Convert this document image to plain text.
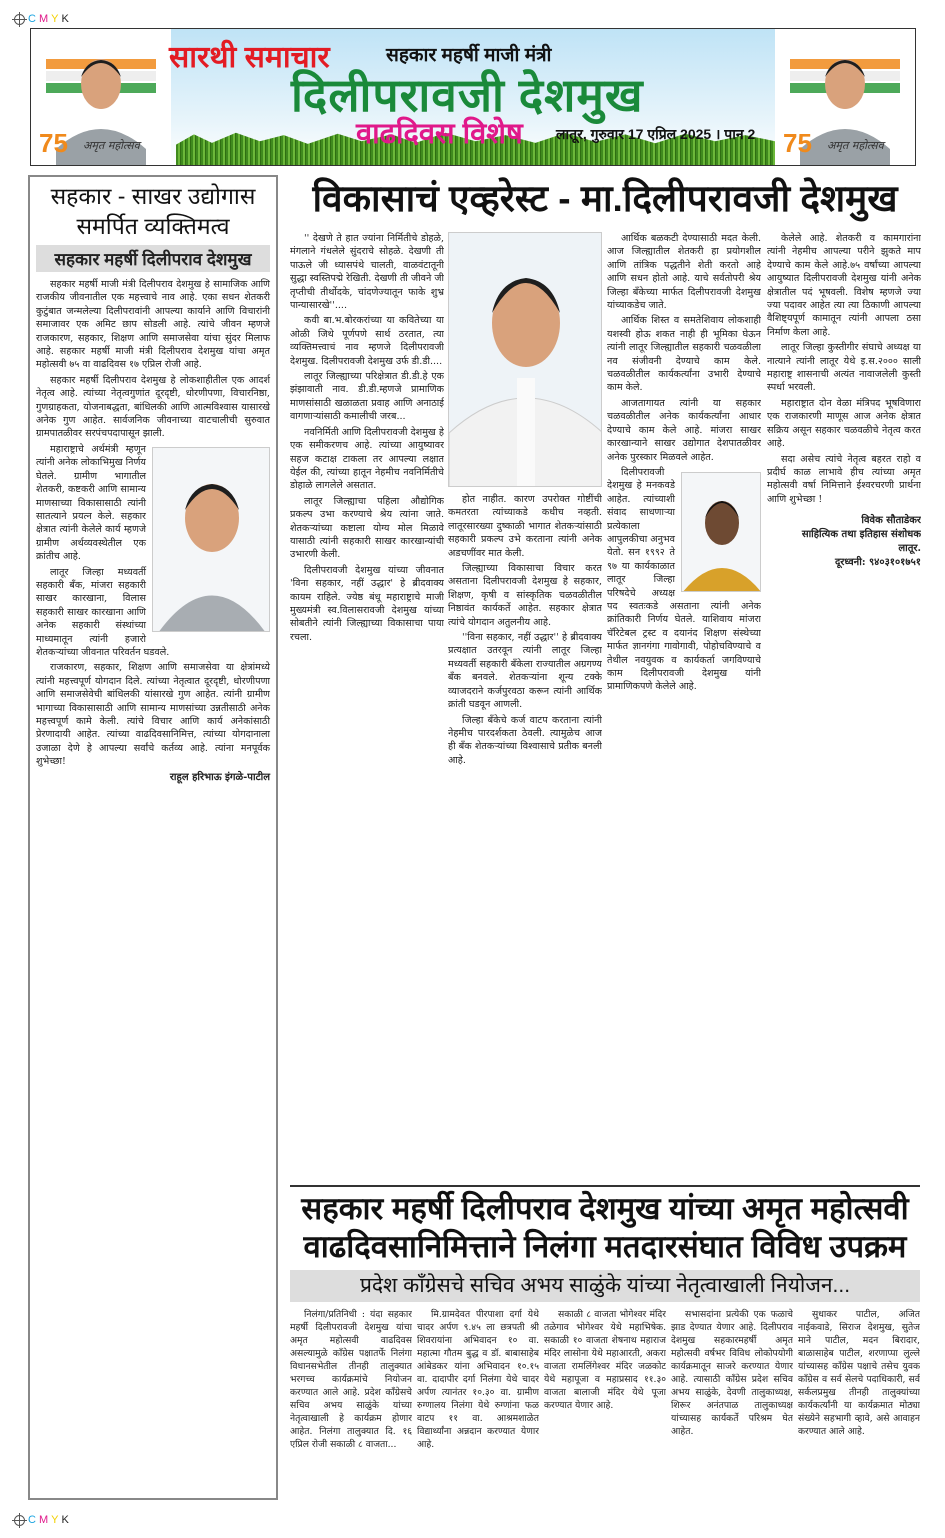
C M Y K
C M Y K
75 अमृत महोत्सव	75 अमृत महोत्सव
सारथी समाचार	सहकार महर्षी माजी मंत्री
दिलीपरावजी देशमुख
वाढदिवस विशेष लातूर, गुरुवार 17 एप्रिल 2025 । पान 2
सहकार - साखर उद्योगास समर्पित व्यक्तिमत्व
सहकार महर्षी दिलीपराव देशमुख

सहकार महर्षी माजी मंत्री दिलीपराव देशमुख हे सामाजिक आणि राजकीय जीवनातील एक महत्त्वाचे नाव आहे. एका सधन शेतकरी कुटुंबात जन्मलेल्या दिलीपरावांनी आपल्या कार्याने आणि विचारांनी समाजावर एक अमिट छाप सोडली आहे. त्यांचे जीवन म्हणजे राजकारण, सहकार, शिक्षण आणि समाजसेवा यांचा सुंदर मिलाफ आहे. सहकार महर्षी माजी मंत्री दिलीपराव देशमुख यांचा अमृत महोत्सवी ७५ वा वाढदिवस १७ एप्रिल रोजी आहे.

सहकार महर्षी दिलीपराव देशमुख हे लोकशाहीतील एक आदर्श नेतृत्व आहे. त्यांच्या नेतृत्वगुणांत दूरदृष्टी, धोरणीपणा, विचारनिष्ठा, गुणग्राहकता, योजनाबद्धता, बांधिलकी आणि आत्मविश्वास यासारखे अनेक गुण आहेत. सार्वजनिक जीवनाच्या वाटचालीची सुरुवात ग्रामपातळीवर सरपंचपदापासून झाली.

महाराष्ट्राचे अर्थमंत्री म्हणून त्यांनी अनेक लोकाभिमुख निर्णय घेतले. ग्रामीण भागातील शेतकरी, कष्टकरी आणि सामान्य माणसाच्या विकासासाठी त्यांनी सातत्याने प्रयत्न केले. सहकार क्षेत्रात त्यांनी केलेले कार्य म्हणजे ग्रामीण अर्थव्यवस्थेतील एक क्रांतीच आहे.

लातूर जिल्हा मध्यवर्ती सहकारी बँक, मांजरा सहकारी साखर कारखाना, विलास सहकारी साखर कारखाना आणि अनेक सहकारी संस्थांच्या माध्यमातून त्यांनी हजारो शेतकऱ्यांच्या जीवनात परिवर्तन घडवले.

राजकारण, सहकार, शिक्षण आणि समाजसेवा या क्षेत्रांमध्ये त्यांनी महत्त्वपूर्ण योगदान दिले. त्यांच्या नेतृत्वात दूरदृष्टी, धोरणीपणा आणि समाजसेवेची बांधिलकी यांसारखे गुण आहेत. त्यांनी ग्रामीण भागाच्या विकासासाठी आणि सामान्य माणसांच्या उन्नतीसाठी अनेक महत्त्वपूर्ण कामे केली. त्यांचे विचार आणि कार्य अनेकांसाठी प्रेरणादायी आहेत. त्यांच्या वाढदिवसानिमित्त, त्यांच्या योगदानाला उजाळा देणे हे आपल्या सर्वांचे कर्तव्य आहे. त्यांना मनपूर्वक शुभेच्छा!

राहूल हरिभाऊ इंगळे-पाटील
विकासाचं एव्हरेस्ट - मा.दिलीपरावजी देशमुख

'' देखणे ते हात ज्यांना निर्मितीचे डोहळे, मंगलाने गंधलेले सुंदराचे सोहळे. देखणी ती पाऊले जी ध्यासपंथे चालती, वाळवंटातूनी सुद्धा स्वस्तिपद्मे रेखिती. देखणी ती जीवने जी तृप्तीची तीर्थोदके, चांदणेज्यातून फाके शुभ्र पान्यासारखे''....

कवी बा.भ.बोरकरांच्या या कवितेच्या या ओळी जिथे पूर्णपणे सार्थ ठरतात, त्या व्यक्तिमत्त्वाचं नाव म्हणजे दिलीपरावजी देशमुख. दिलीपरावजी देशमुख उर्फ डी.डी....

लातूर जिल्ह्याच्या परिक्षेत्रात डी.डी.हे एक झंझावाती नाव. डी.डी.म्हणजे प्रामाणिक माणसांसाठी खळाळता प्रवाह आणि अनाठाई वागणाऱ्यांसाठी कमालीची जरब...

नवनिर्मिती आणि दिलीपरावजी देशमुख हे एक समीकरणच आहे. त्यांच्या आयुष्यावर सहज कटाक्ष टाकला तर आपल्या लक्षात येईल की, त्यांच्या हातून नेहमीच नवनिर्मितीचे डोहाळे लागलेले असतात.

लातूर जिल्ह्याचा पहिला औद्योगिक प्रकल्प उभा करण्याचे श्रेय त्यांना जाते. शेतकऱ्यांच्या कष्टाला योग्य मोल मिळावे यासाठी त्यांनी सहकारी साखर कारखान्यांची उभारणी केली.

दिलीपरावजी देशमुख यांच्या जीवनात 'विना सहकार, नहीं उद्धार' हे ब्रीदवाक्य कायम राहिले. ज्येष्ठ बंधू महाराष्ट्राचे माजी मुख्यमंत्री स्व.विलासरावजी देशमुख यांच्या सोबतीने त्यांनी जिल्ह्याच्या विकासाचा पाया रचला.

होत नाहीत. कारण उपरोक्त गोष्टींची कमतरता त्यांच्याकडे कधीच नव्हती. लातूरसारख्या दुष्काळी भागात शेतकऱ्यांसाठी सहकारी प्रकल्प उभे करताना त्यांनी अनेक अडचणींवर मात केली.

जिल्ह्याच्या विकासाचा विचार करत असताना दिलीपरावजी देशमुख हे सहकार, शिक्षण, कृषी व सांस्कृतिक चळवळीतील निष्ठावंत कार्यकर्ते आहेत. सहकार क्षेत्रात त्यांचे योगदान अतुलनीय आहे.

''विना सहकार, नहीं उद्धार'' हे ब्रीदवाक्य प्रत्यक्षात उतरवून त्यांनी लातूर जिल्हा मध्यवर्ती सहकारी बँकेला राज्यातील अग्रगण्य बँक बनवले. शेतकऱ्यांना शून्य टक्के व्याजदराने कर्जपुरवठा करून त्यांनी आर्थिक क्रांती घडवून आणली.

जिल्हा बँकेचे कर्ज वाटप करताना त्यांनी नेहमीच पारदर्शकता ठेवली. त्यामुळेच आज ही बँक शेतकऱ्यांच्या विश्वासाचे प्रतीक बनली आहे.

आर्थिक बळकटी देण्यासाठी मदत केली. आज जिल्ह्यातील शेतकरी हा प्रयोगशील आणि तांत्रिक पद्धतीने शेती करतो आहे आणि सधन होतो आहे. याचे सर्वतोपरी श्रेय जिल्हा बँकेच्या मार्फत दिलीपरावजी देशमुख यांच्याकडेच जाते.

आर्थिक शिस्त व समतेशिवाय लोकशाही यशस्वी होऊ शकत नाही ही भूमिका घेऊन त्यांनी लातूर जिल्ह्यातील सहकारी चळवळीला नव संजीवनी देण्याचे काम केले. चळवळीतील कार्यकर्त्यांना उभारी देण्याचे काम केले.

आजतागायत त्यांनी या सहकार चळवळीतील अनेक कार्यकर्त्यांना आधार देण्याचे काम केले आहे. मांजरा साखर कारखान्याने साखर उद्योगात देशपातळीवर अनेक पुरस्कार मिळवले आहेत.

दिलीपरावजी देशमुख हे मनकवडे आहेत. त्यांच्याशी संवाद साधणाऱ्या प्रत्येकाला आपुलकीचा अनुभव येतो. सन १९९२ ते ९७ या कार्यकाळात लातूर जिल्हा परिषदेचे अध्यक्ष पद स्वतःकडे असताना त्यांनी अनेक क्रांतिकारी निर्णय घेतले. याशिवाय मांजरा चॅरिटेबल ट्रस्ट व दयानंद शिक्षण संस्थेच्या मार्फत ज्ञानगंगा गावोगावी, पोहोचविण्याचे व तेथील नवयुवक व कार्यकर्ता जगविण्याचे काम दिलीपरावजी देशमुख यांनी प्रामाणिकपणे केलेले आहे.

केलेले आहे. शेतकरी व कामगारांना त्यांनी नेहमीच आपल्या परीने झुकते माप देण्याचे काम केले आहे.७५ वर्षांच्या आपल्या आयुष्यात दिलीपरावजी देशमुख यांनी अनेक क्षेत्रातील पदं भूषवली. विशेष म्हणजे ज्या ज्या पदावर आहेत त्या त्या ठिकाणी आपल्या वैशिष्ट्यपूर्ण कामातून त्यांनी आपला ठसा निर्माण केला आहे.

लातूर जिल्हा कुस्तीगीर संघाचे अध्यक्ष या नात्याने त्यांनी लातूर येथे इ.स.२००० साली महाराष्ट्र शासनाची अत्यंत नावाजलेली कुस्ती स्पर्धा भरवली.

महाराष्ट्रात दोन वेळा मंत्रिपद भूषविणारा एक राजकारणी माणूस आज अनेक क्षेत्रात सक्रिय असून सहकार चळवळीचे नेतृत्व करत आहे.

सदा असेच त्यांचे नेतृत्व बहरत राहो व प्रदीर्घ काळ लाभावे हीच त्यांच्या अमृत महोत्सवी वर्षा निमित्ताने ईश्वरचरणी प्रार्थना आणि शुभेच्छा !

विवेक सौताडेकर
साहित्यिक तथा इतिहास संशोधक
लातूर.
दूरध्वनी: ९४०३१०१७५१
सहकार महर्षी दिलीपराव देशमुख यांच्या अमृत महोत्सवी
वाढदिवसानिमित्ताने निलंगा मतदारसंघात विविध उपक्रम
प्रदेश काँग्रेसचे सचिव अभय साळुंके यांच्या नेतृत्वाखाली नियोजन...

निलंगा/प्रतिनिधी : यंदा सहकार महर्षी दिलीपरावजी देशमुख यांचा अमृत महोत्सवी वाढदिवस असल्यामुळे काँग्रेस पक्षातर्फे निलंगा विधानसभेतील तीनही तालुक्यात भरगच्च कार्यक्रमांचे नियोजन करण्यात आले आहे. प्रदेश काँग्रेसचे सचिव अभय साळुंके यांच्या नेतृत्वाखाली हे कार्यक्रम होणार आहेत. निलंगा तालुक्यात दि. १६ एप्रिल रोजी सकाळी ८ वाजता...

मि.ग्रामदेवत पीरपाशा दर्गा येथे चादर अर्पण ९.४५ ला छत्रपती श्री शिवरायांना अभिवादन १० वा. महात्मा गौतम बुद्ध व डॉ. बाबासाहेब आंबेडकर यांना अभिवादन १०.१५ वा. दादापीर दर्गा निलंगा येथे चादर अर्पण त्यानंतर १०.३० वा. ग्रामीण रुग्णालय निलंगा येथे रुग्णांना फळ वाटप ११ वा. आश्रमशाळेत विद्यार्थ्यांना अन्नदान करण्यात येणार आहे.

सकाळी ८ वाजता भोगेश्वर मंदिर तळेगाव भोगेश्वर येथे महाभिषेक. सकाळी १० वाजता शेषनाथ महाराज मंदिर लासोना येथे महाआरती, अकरा वाजता रामलिंगेश्वर मंदिर जळकोट येथे महापूजा व महाप्रसाद ११.३० वाजता बालाजी मंदिर येथे पूजा करण्यात येणार आहे.

सभासदांना प्रत्येकी एक फळाचे झाड देण्यात येणार आहे. दिलीपराव देशमुख सहकारमहर्षी अमृत महोत्सवी वर्षभर विविध लोकोपयोगी कार्यक्रमातून साजरे करण्यात येणार आहे. त्यासाठी काँग्रेस प्रदेश सचिव अभय साळुंके, देवणी तालुकाध्यक्ष, शिरूर अनंतपाळ तालुकाध्यक्ष यांच्यासह कार्यकर्ते परिश्रम घेत आहेत.

सुधाकर पाटील, अजित नाईकवाडे, सिराज देशमुख, सुतेज माने पाटील, मदन बिरादार, बाळासाहेब पाटील, शरणाप्पा लुल्ले यांच्यासह काँग्रेस पक्षाचे तसेच युवक काँग्रेस व सर्व सेलचे पदाधिकारी, सर्व सर्कलप्रमुख तीनही तालुक्यांच्या कार्यकर्त्यांनी या कार्यक्रमात मोठ्या संख्येने सहभागी व्हावे, असे आवाहन करण्यात आले आहे.
